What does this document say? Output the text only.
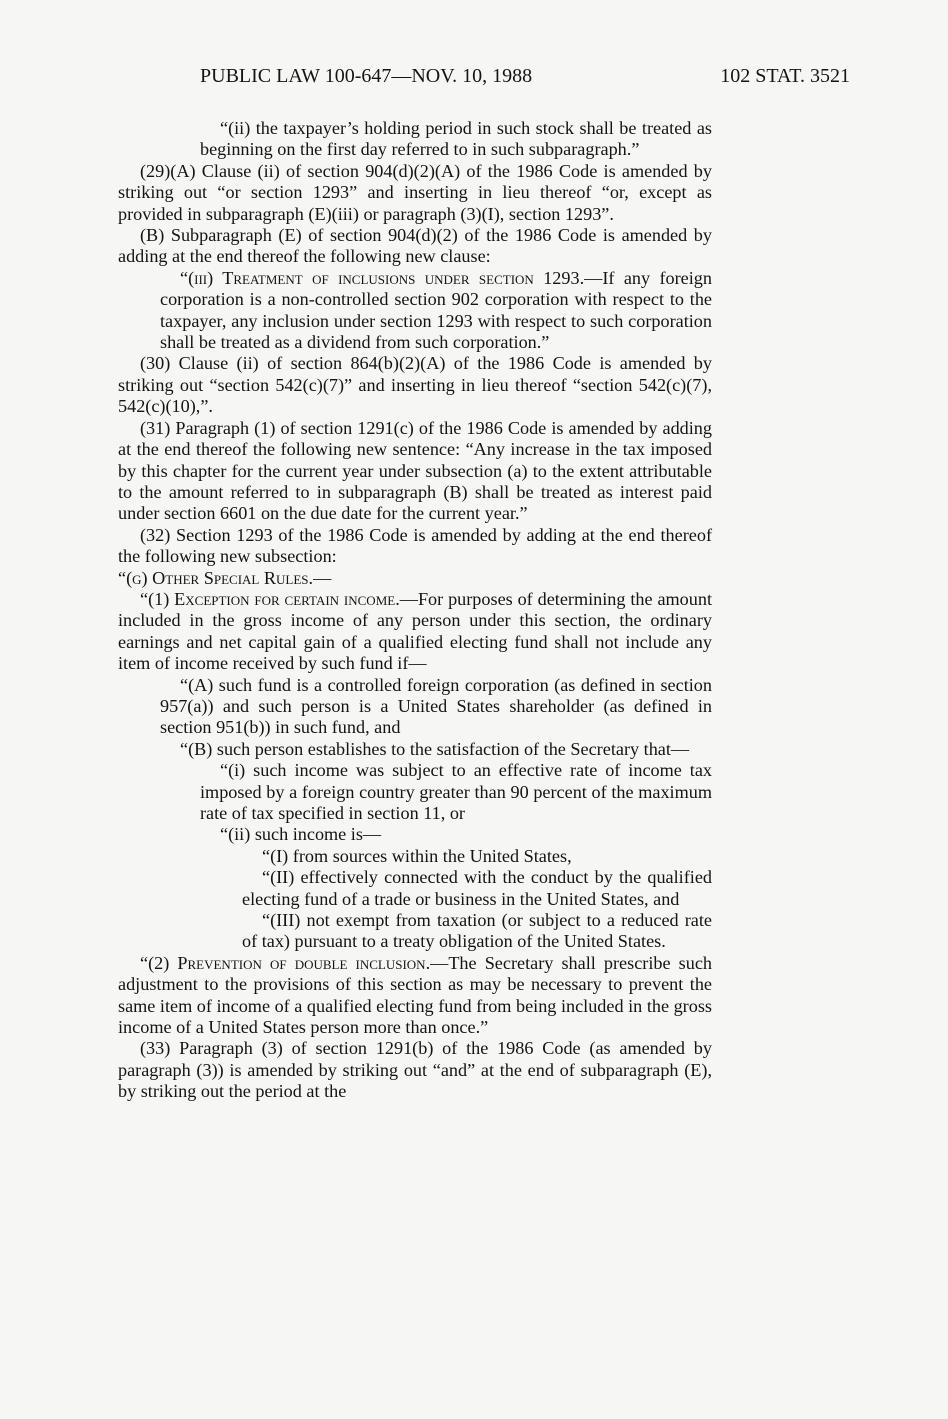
PUBLIC LAW 100-647—NOV. 10, 1988	102 STAT. 3521

“(ii) the taxpayer’s holding period in such stock shall be treated as beginning on the first day referred to in such subparagraph.”

(29)(A) Clause (ii) of section 904(d)(2)(A) of the 1986 Code is amended by striking out “or section 1293” and inserting in lieu thereof “or, except as provided in subparagraph (E)(iii) or paragraph (3)(I), section 1293”.

(B) Subparagraph (E) of section 904(d)(2) of the 1986 Code is amended by adding at the end thereof the following new clause:

“(iii) Treatment of inclusions under section 1293.—If any foreign corporation is a non-controlled section 902 corporation with respect to the taxpayer, any inclusion under section 1293 with respect to such corporation shall be treated as a dividend from such corporation.”

(30) Clause (ii) of section 864(b)(2)(A) of the 1986 Code is amended by striking out “section 542(c)(7)” and inserting in lieu thereof “section 542(c)(7), 542(c)(10),”.

(31) Paragraph (1) of section 1291(c) of the 1986 Code is amended by adding at the end thereof the following new sentence: “Any increase in the tax imposed by this chapter for the current year under subsection (a) to the extent attributable to the amount referred to in subparagraph (B) shall be treated as interest paid under section 6601 on the due date for the current year.”

(32) Section 1293 of the 1986 Code is amended by adding at the end thereof the following new subsection:

“(g) Other Special Rules.—

“(1) Exception for certain income.—For purposes of determining the amount included in the gross income of any person under this section, the ordinary earnings and net capital gain of a qualified electing fund shall not include any item of income received by such fund if—

“(A) such fund is a controlled foreign corporation (as defined in section 957(a)) and such person is a United States shareholder (as defined in section 951(b)) in such fund, and

“(B) such person establishes to the satisfaction of the Secretary that—

“(i) such income was subject to an effective rate of income tax imposed by a foreign country greater than 90 percent of the maximum rate of tax specified in section 11, or

“(ii) such income is—

“(I) from sources within the United States,

“(II) effectively connected with the conduct by the qualified electing fund of a trade or business in the United States, and

“(III) not exempt from taxation (or subject to a reduced rate of tax) pursuant to a treaty obligation of the United States.

“(2) Prevention of double inclusion.—The Secretary shall prescribe such adjustment to the provisions of this section as may be necessary to prevent the same item of income of a qualified electing fund from being included in the gross income of a United States person more than once.”

(33) Paragraph (3) of section 1291(b) of the 1986 Code (as amended by paragraph (3)) is amended by striking out “and” at the end of subparagraph (E), by striking out the period at the
